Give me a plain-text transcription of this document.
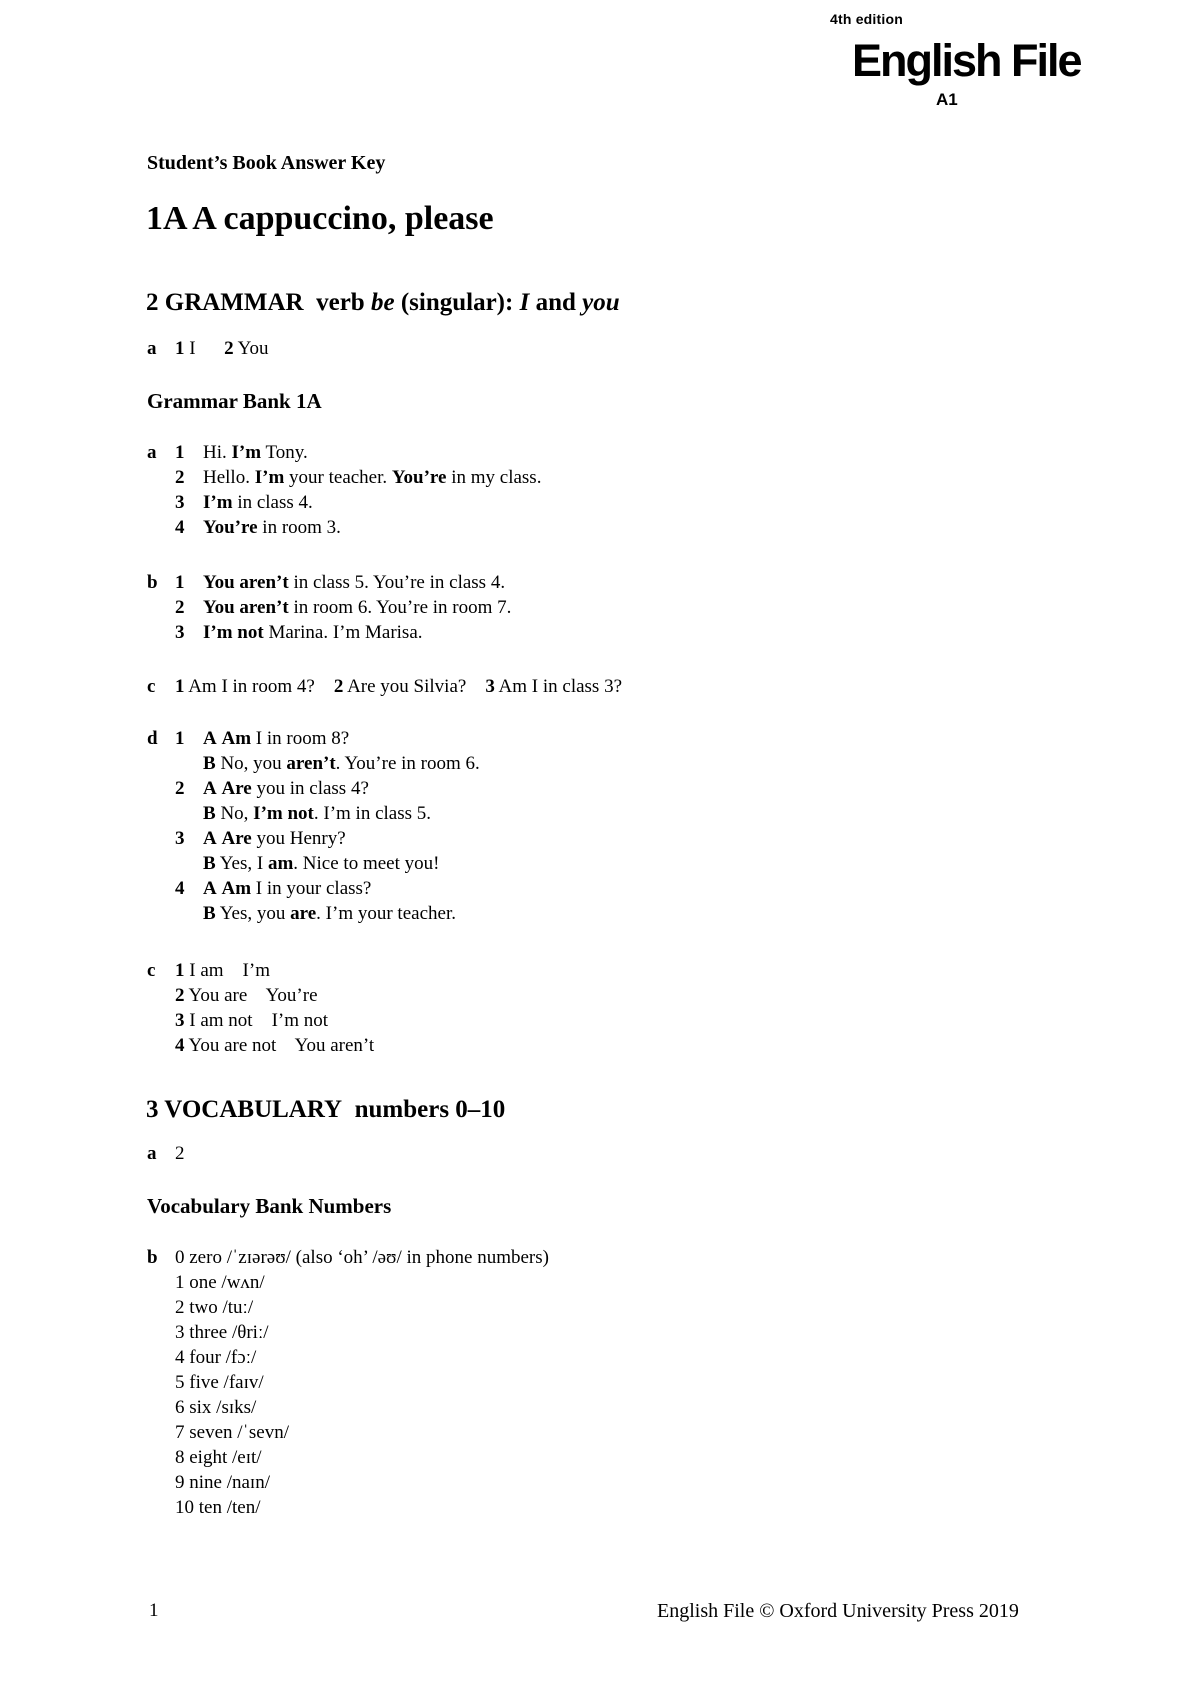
4th edition
English File
A1
Student’s Book Answer Key
1A A cappuccino, please
2 GRAMMAR verb be (singular): I and you
a 1 I 2 You
Grammar Bank 1A
a 1 Hi. I’m Tony.
2 Hello. I’m your teacher. You’re in my class.
3 I’m in class 4.
4 You’re in room 3.
b 1 You aren’t in class 5. You’re in class 4.
2 You aren’t in room 6. You’re in room 7.
3 I’m not Marina. I’m Marisa.
c 1 Am I in room 4? 2 Are you Silvia? 3 Am I in class 3?
d 1 A Am I in room 8?
B No, you aren’t. You’re in room 6.
2 A Are you in class 4?
B No, I’m not. I’m in class 5.
3 A Are you Henry?
B Yes, I am. Nice to meet you!
4 A Am I in your class?
B Yes, you are. I’m your teacher.
c 1 I am I’m
2 You are You’re
3 I am not I’m not
4 You are not You aren’t
3 VOCABULARY numbers 0–10
a 2
Vocabulary Bank Numbers
b 0 zero /ˈzɪərəʊ/ (also ‘oh’ /əʊ/ in phone numbers)
1 one /wʌn/
2 two /tuː/
3 three /θriː/
4 four /fɔː/
5 five /faɪv/
6 six /sɪks/
7 seven /ˈsevn/
8 eight /eɪt/
9 nine /naɪn/
10 ten /ten/
1	English File © Oxford University Press 2019
